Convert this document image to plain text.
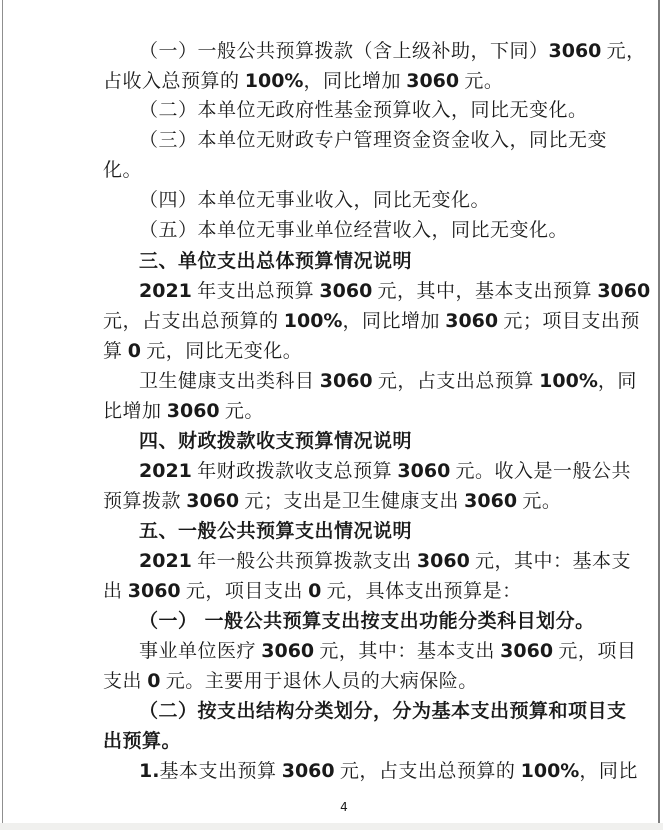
（一）一般公共预算拨款（含上级补助，下同）3060 元，
占收入总预算的 100%，同比增加 3060 元。
（二）本单位无政府性基金预算收入，同比无变化。
（三）本单位无财政专户管理资金资金收入，同比无变
化。
（四）本单位无事业收入，同比无变化。
（五）本单位无事业单位经营收入，同比无变化。
三、单位支出总体预算情况说明
2021 年支出总预算 3060 元，其中，基本支出预算 3060
元，占支出总预算的 100%，同比增加 3060 元；项目支出预
算 0 元，同比无变化。
卫生健康支出类科目 3060 元，占支出总预算 100%，同
比增加 3060 元。
四、财政拨款收支预算情况说明
2021 年财政拨款收支总预算 3060 元。收入是一般公共
预算拨款 3060 元；支出是卫生健康支出 3060 元。
五、一般公共预算支出情况说明
2021 年一般公共预算拨款支出 3060 元，其中：基本支
出 3060 元，项目支出 0 元，具体支出预算是：
（一） 一般公共预算支出按支出功能分类科目划分。
事业单位医疗 3060 元，其中：基本支出 3060 元，项目
支出 0 元。主要用于退休人员的大病保险。
（二）按支出结构分类划分，分为基本支出预算和项目支
出预算。
1.基本支出预算 3060 元，占支出总预算的 100%，同比
4
